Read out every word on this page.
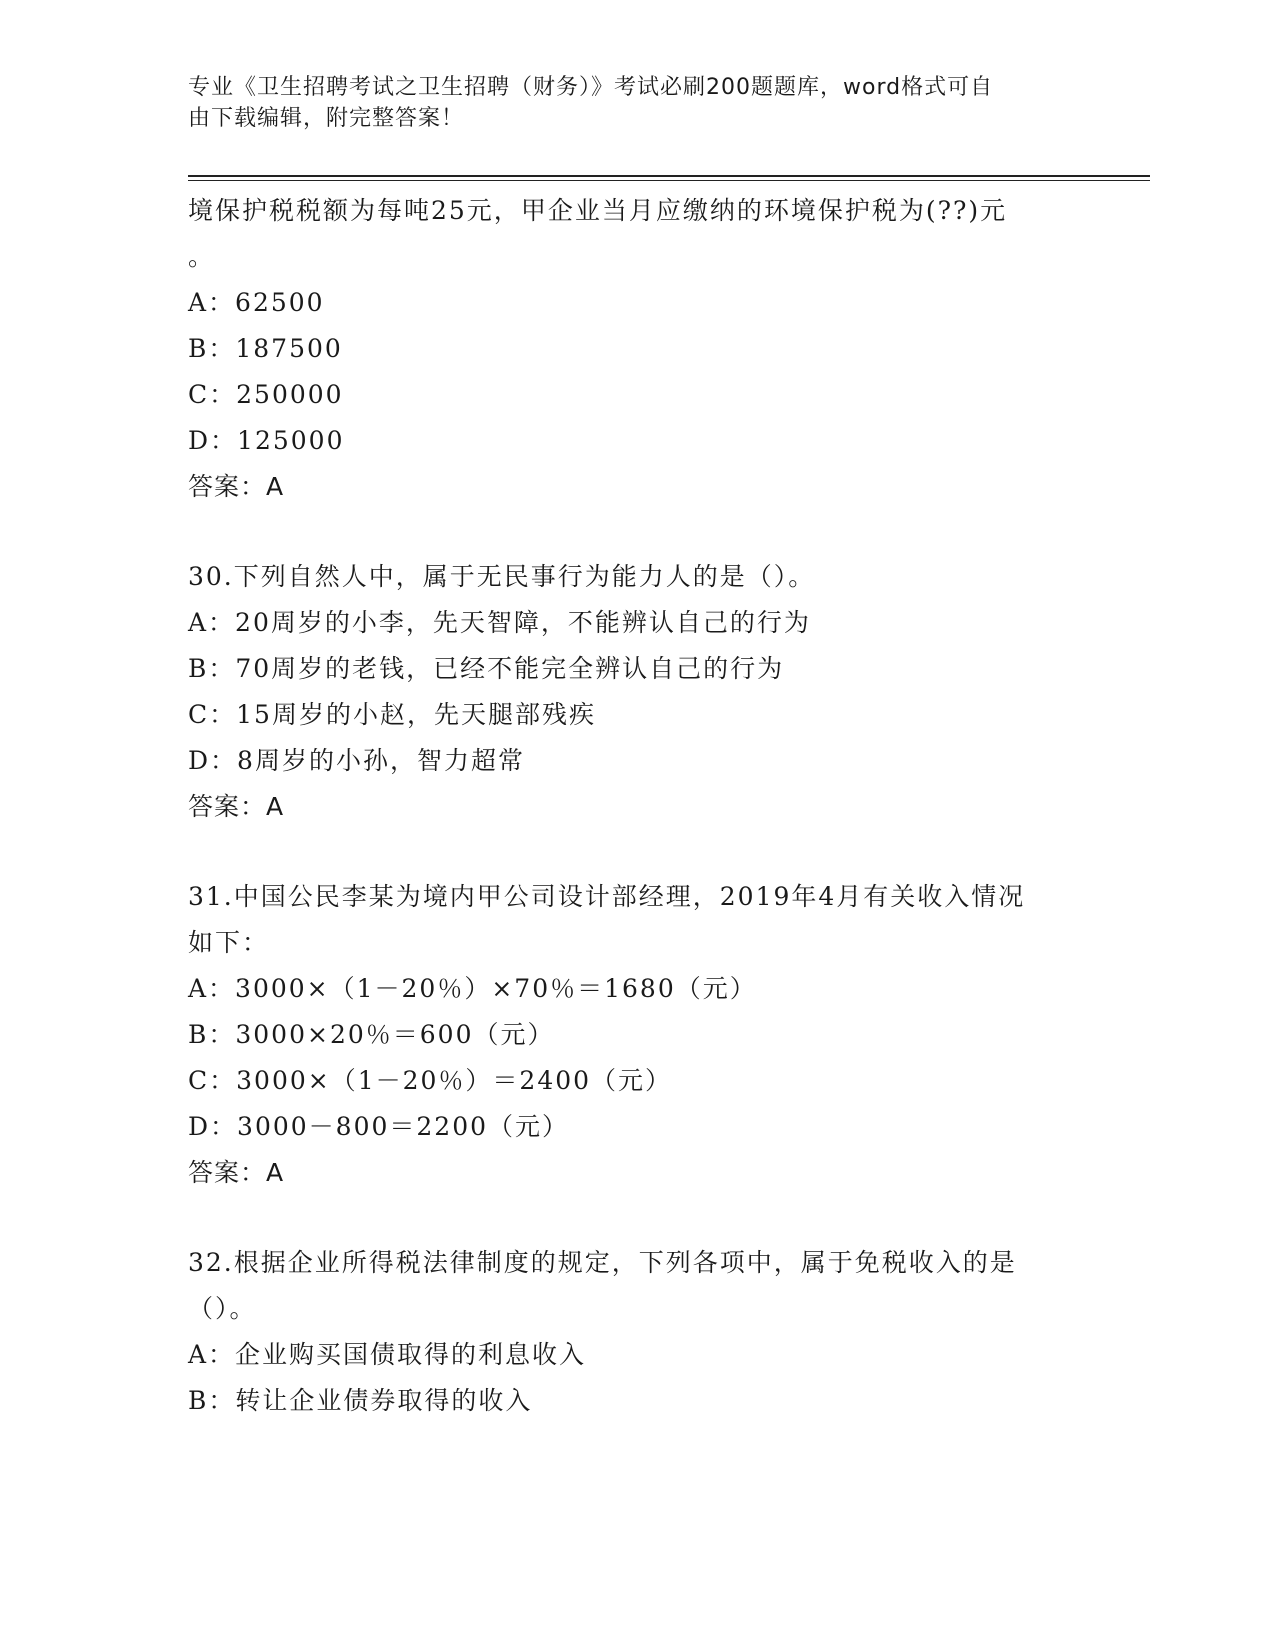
专业《卫生招聘考试之卫生招聘（财务）》考试必刷200题题库，word格式可自
由下载编辑，附完整答案！
境保护税税额为每吨25元，甲企业当月应缴纳的环境保护税为(??)元
。
A：62500
B：187500
C：250000
D：125000
答案：A
30.下列自然人中，属于无民事行为能力人的是（）。
A：20周岁的小李，先天智障，不能辨认自己的行为
B：70周岁的老钱，已经不能完全辨认自己的行为
C：15周岁的小赵，先天腿部残疾
D：8周岁的小孙，智力超常
答案：A
31.中国公民李某为境内甲公司设计部经理，2019年4月有关收入情况
如下：
A：3000×（1－20％）×70％＝1680（元）
B：3000×20％＝600（元）
C：3000×（1－20％）＝2400（元）
D：3000－800＝2200（元）
答案：A
32.根据企业所得税法律制度的规定，下列各项中，属于免税收入的是
（）。
A：企业购买国债取得的利息收入
B：转让企业债券取得的收入
